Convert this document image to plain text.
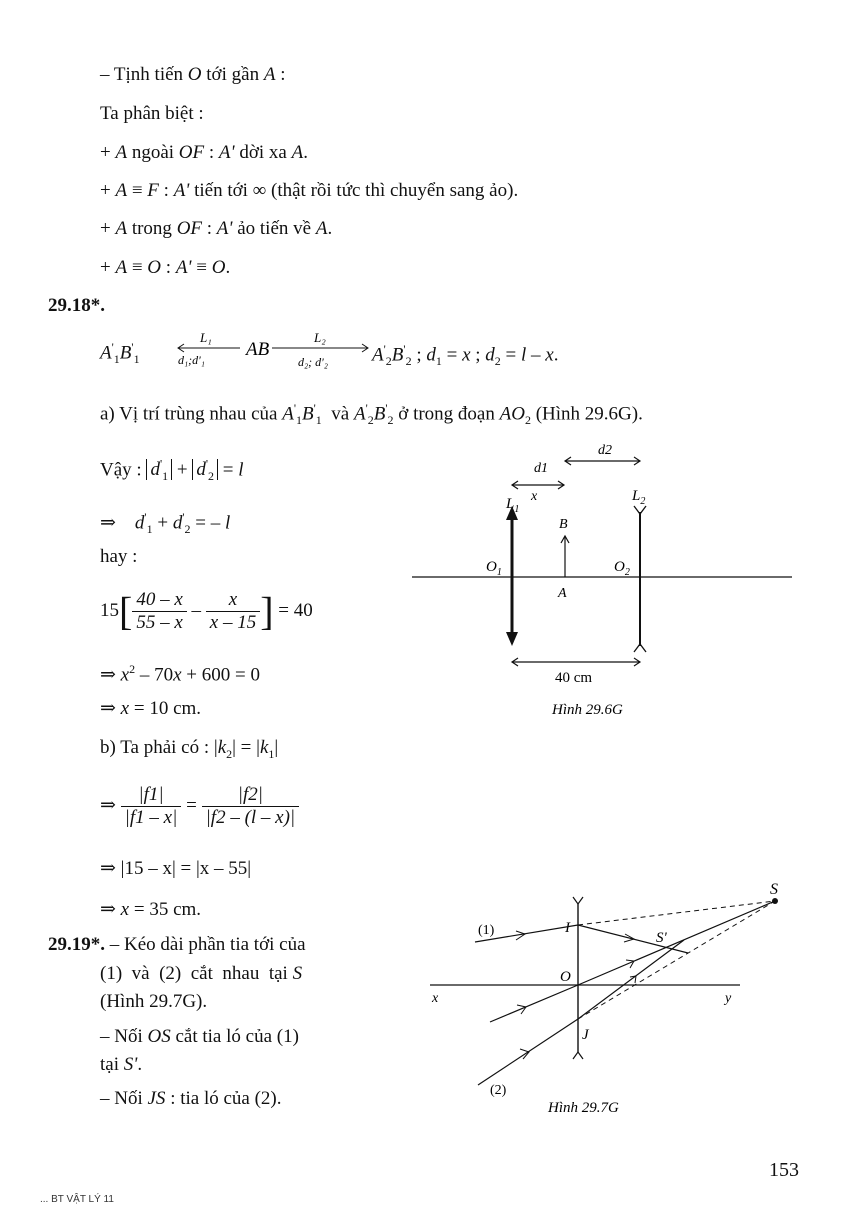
– Tịnh tiến O tới gần A :
Ta phân biệt :
+ A ngoài OF : A' dời xa A.
+ A ≡ F : A' tiến tới ∞ (thật rồi tức thì chuyển sang ảo).
+ A trong OF : A' ảo tiến về A.
+ A ≡ O : A' ≡ O.
29.18*.
$A'_1B'_1$
L₁
d₁;d'₁ AB
L₂
d₂; d'₂ $A'_2B'_2$ ; $d_1 = x$ ; $d_2 = l - x$.
a) Vị trí trùng nhau của $A'_1B'_1$  và $A'_2B'_2$ ở trong đoạn $AO_2$ (Hình 29.6G).
Vậy : $d'_1 + d'_2 = l$
⇒    $d'_1 + d'_2$ = – l
hay :
$15[ \frac{40 - x}{55 - x} - \frac{x}{x - 15}$ ] = 40
⇒ $x^2 - 70x + 600 = 0$
⇒ x = 10 cm.
b) Ta phải có : $|k_2| = |k_1|$
⇒ $\frac{|f1|}{|f1 - x|} = \frac{|f2|}{|f2 - (l - x)|}$
⇒ |15 – x| = |x – 55|
⇒ x = 35 cm.
d2
d1
x
$L_1$
$L_2$
B
A
$O_1$	$O_2$
40 cm
Hình 29.6G
29.19*. – Kéo dài phần tia tới của
(1)  và  (2)  cắt  nhau  tại S
(Hình 29.7G).
– Nối OS cắt tia ló của (1)
tại S'.
– Nối JS : tia ló của (2).
x	y
I
O
J
S
(1)	S'
(2)
Hình 29.7G
153
... BT VẬT LÝ 11
